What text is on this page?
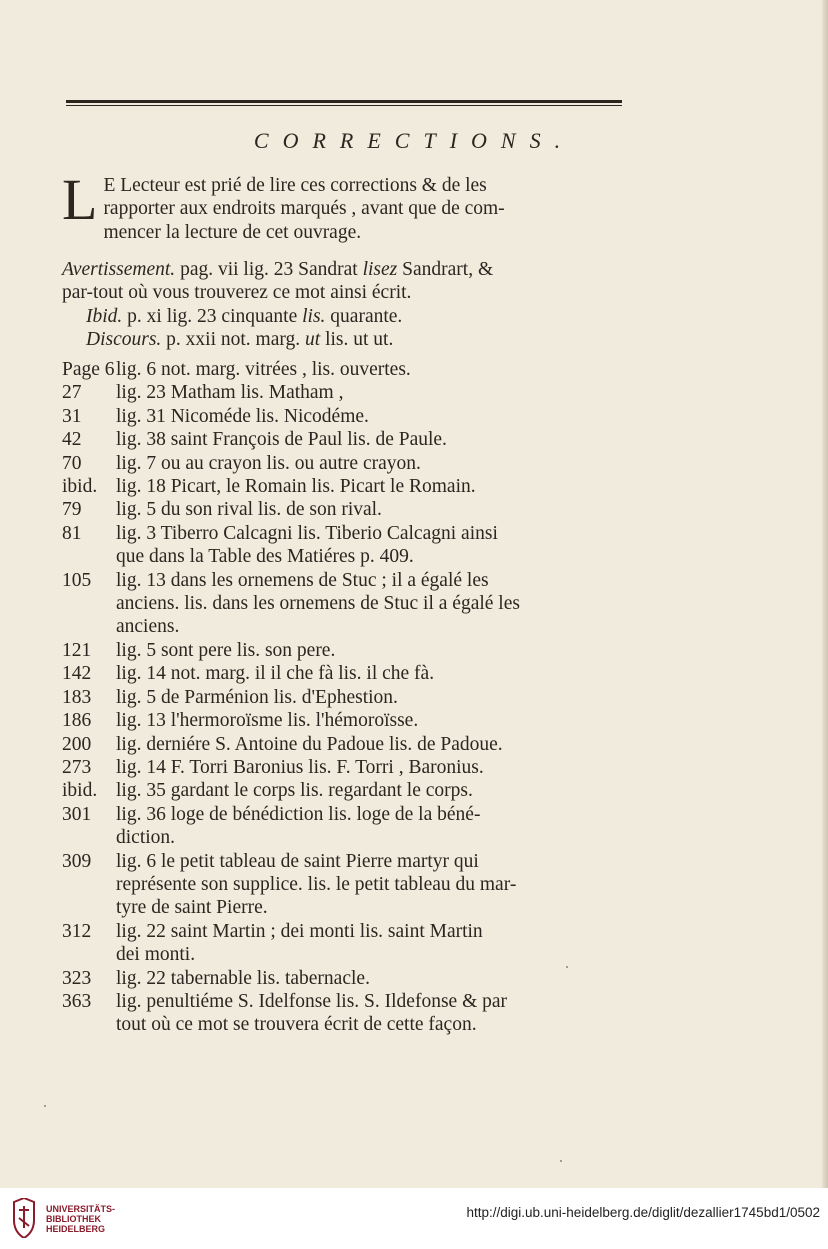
CORRECTIONS.
L E Lecteur est prié de lire ces corrections & de les

rapporter aux endroits marqués , avant que de com-

mencer la lecture de cet ouvrage.

Avertissement. pag. vii lig. 23 Sandrat lisez Sandrart, &

par-tout où vous trouverez ce mot ainsi écrit.

Ibid. p. xi lig. 23 cinquante lis. quarante.

Discours. p. xxii not. marg. ut lis. ut ut.

Page 6lig. 6 not. marg. vitrées , lis. ouvertes.

27 lig. 23 Matham lis. Matham ,

31 lig. 31 Nicoméde lis. Nicodéme.

42 lig. 38 saint François de Paul lis. de Paule.

70 lig. 7 ou au crayon lis. ou autre crayon.

ibid. lig. 18 Picart, le Romain lis. Picart le Romain.

79 lig. 5 du son rival lis. de son rival.

81 lig. 3 Tiberro Calcagni lis. Tiberio Calcagni ainsi

que dans la Table des Matiéres p. 409.

105 lig. 13 dans les ornemens de Stuc ; il a égalé les

anciens. lis. dans les ornemens de Stuc il a égalé les

anciens.

121 lig. 5 sont pere lis. son pere.

142 lig. 14 not. marg. il il che fà lis. il che fà.

183 lig. 5 de Parménion lis. d'Ephestion.

186 lig. 13 l'hermoroïsme lis. l'hémoroïsse.

200 lig. derniére S. Antoine du Padoue lis. de Padoue.

273 lig. 14 F. Torri Baronius lis. F. Torri , Baronius.

ibid. lig. 35 gardant le corps lis. regardant le corps.

301 lig. 36 loge de bénédiction lis. loge de la béné-

diction.

309 lig. 6 le petit tableau de saint Pierre martyr qui

représente son supplice. lis. le petit tableau du mar-

tyre de saint Pierre.

312 lig. 22 saint Martin ; dei monti lis. saint Martin

dei monti.

323 lig. 22 tabernable lis. tabernacle.

363 lig. penultiéme S. Idelfonse lis. S. Ildefonse & par

tout où ce mot se trouvera écrit de cette façon.

UNIVERSITÄTS-
BIBLIOTHEK
HEIDELBERG
http://digi.ub.uni-heidelberg.de/diglit/dezallier1745bd1/0502
